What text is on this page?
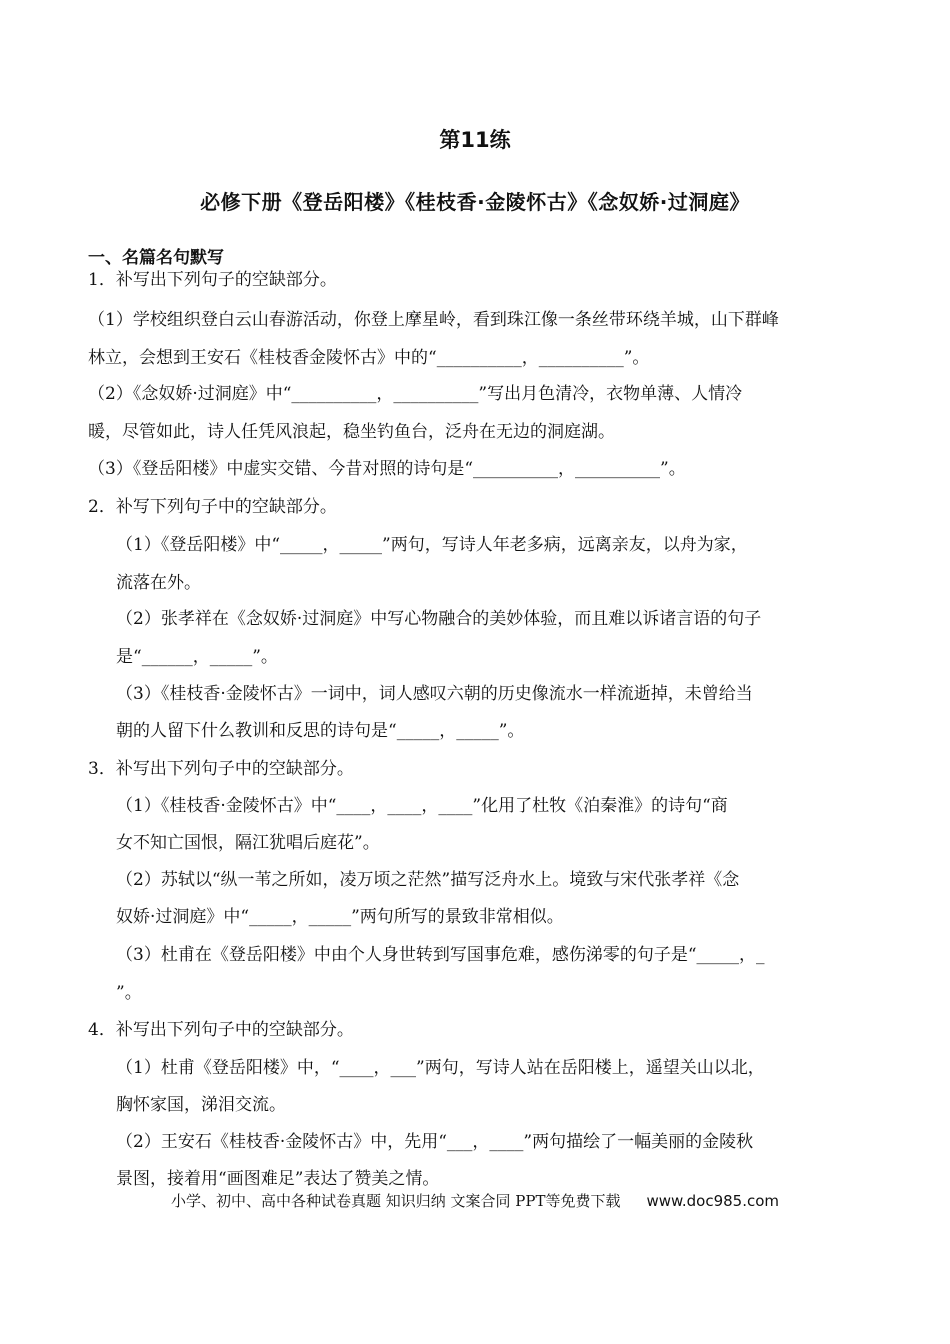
第11练
必修下册《登岳阳楼》《桂枝香·金陵怀古》《念奴娇·过洞庭》
一、名篇名句默写
1．补写出下列句子的空缺部分。
（1）学校组织登白云山春游活动，你登上摩星岭，看到珠江像一条丝带环绕羊城，山下群峰
林立，会想到王安石《桂枝香金陵怀古》中的“__________，__________”。
（2）《念奴娇·过洞庭》中“__________，__________”写出月色清冷，衣物单薄、人情冷
暖，尽管如此，诗人任凭风浪起，稳坐钓鱼台，泛舟在无边的洞庭湖。
（3）《登岳阳楼》中虚实交错、今昔对照的诗句是“__________，__________”。
2．补写下列句子中的空缺部分。
（1）《登岳阳楼》中“_____，_____”两句，写诗人年老多病，远离亲友，以舟为家，
流落在外。
（2）张孝祥在《念奴娇·过洞庭》中写心物融合的美妙体验，而且难以诉诸言语的句子
是“______，_____”。
（3）《桂枝香·金陵怀古》一词中，词人感叹六朝的历史像流水一样流逝掉，未曾给当
朝的人留下什么教训和反思的诗句是“_____，_____”。
3．补写出下列句子中的空缺部分。
（1）《桂枝香·金陵怀古》中“____，____，____”化用了杜牧《泊秦淮》的诗句“商
女不知亡国恨，隔江犹唱后庭花”。
（2）苏轼以“纵一苇之所如，凌万顷之茫然”描写泛舟水上。境致与宋代张孝祥《念
奴娇·过洞庭》中“_____，_____”两句所写的景致非常相似。
（3）杜甫在《登岳阳楼》中由个人身世转到写国事危难，感伤涕零的句子是“_____，_
”。
4．补写出下列句子中的空缺部分。
（1）杜甫《登岳阳楼》中，“____，___”两句，写诗人站在岳阳楼上，遥望关山以北，
胸怀家国，涕泪交流。
（2）王安石《桂枝香·金陵怀古》中，先用“___，____”两句描绘了一幅美丽的金陵秋
景图，接着用“画图难足”表达了赞美之情。
小学、初中、高中各种试卷真题 知识归纳 文案合同 PPT等免费下载 www.doc985.com
